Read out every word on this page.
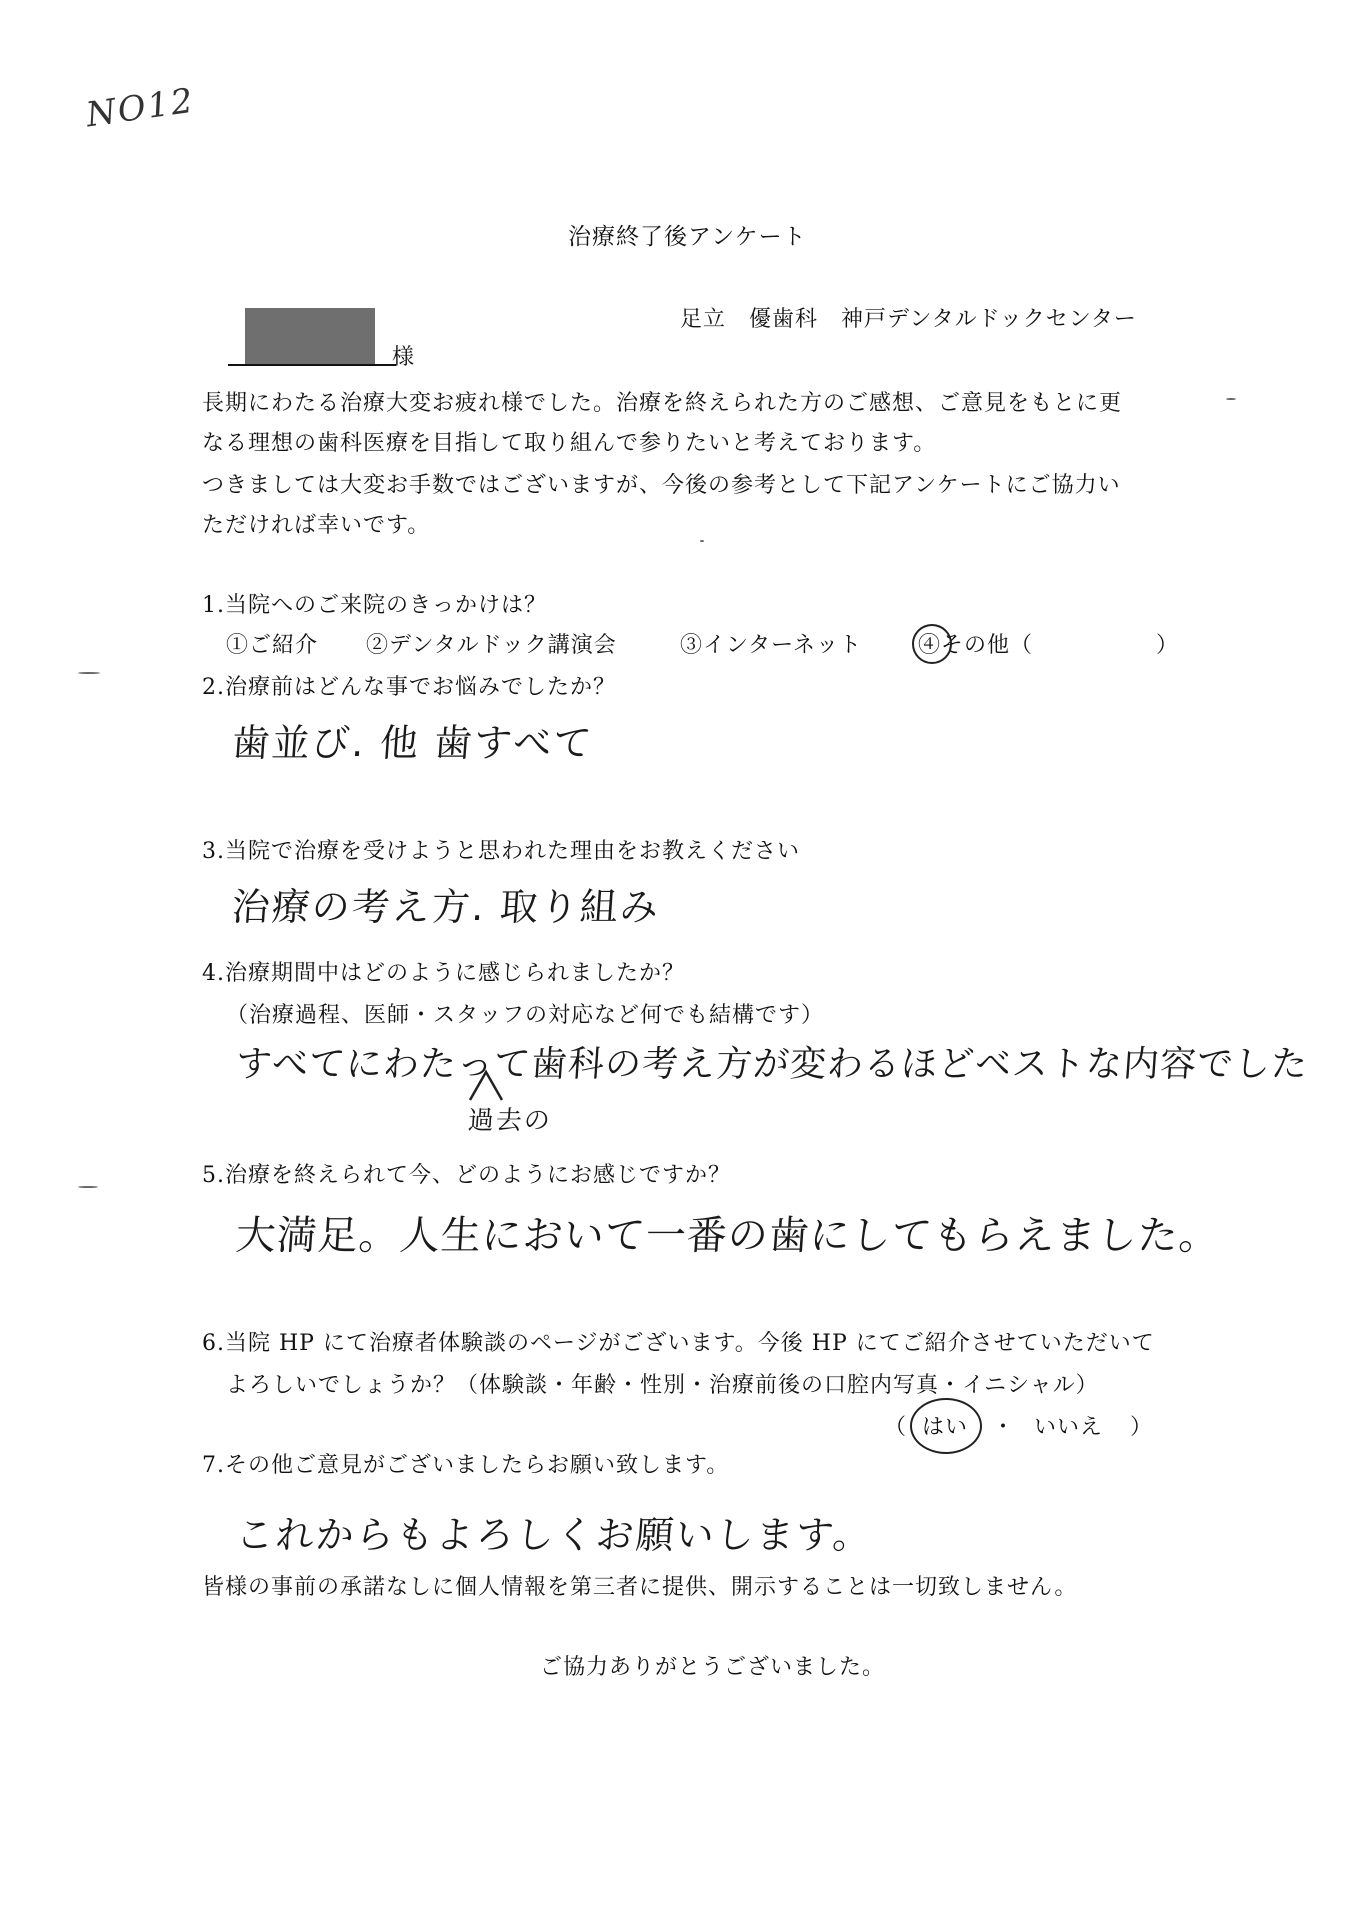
NO12
治療終了後アンケート
足立　優歯科　神戸デンタルドックセンター
様
長期にわたる治療大変お疲れ様でした。治療を終えられた方のご感想、ご意見をもとに更
なる理想の歯科医療を目指して取り組んで参りたいと考えております。
つきましては大変お手数ではございますが、今後の参考として下記アンケートにご協力い
ただければ幸いです。
1.当院へのご来院のきっかけは？
①ご紹介 ②デンタルドック講演会	③インターネット	④その他（	）
2.治療前はどんな事でお悩みでしたか？
歯並び. 他 歯すべて
3.当院で治療を受けようと思われた理由をお教えください
治療の考え方. 取り組み
4.治療期間中はどのように感じられましたか？
（治療過程、医師・スタッフの対応など何でも結構です）
すべてにわたって歯科の考え方が変わるほどベストな内容でした
過去の
5.治療を終えられて今、どのようにお感じですか？
大満足。人生において一番の歯にしてもらえました。
6.当院 HP にて治療者体験談のページがございます。今後 HP にてご紹介させていただいて
よろしいでしょうか？（体験談・年齢・性別・治療前後の口腔内写真・イニシャル）
（ はい ・ いいえ ）
7.その他ご意見がございましたらお願い致します。
これからもよろしくお願いします。
皆様の事前の承諾なしに個人情報を第三者に提供、開示することは一切致しません。
ご協力ありがとうございました。
